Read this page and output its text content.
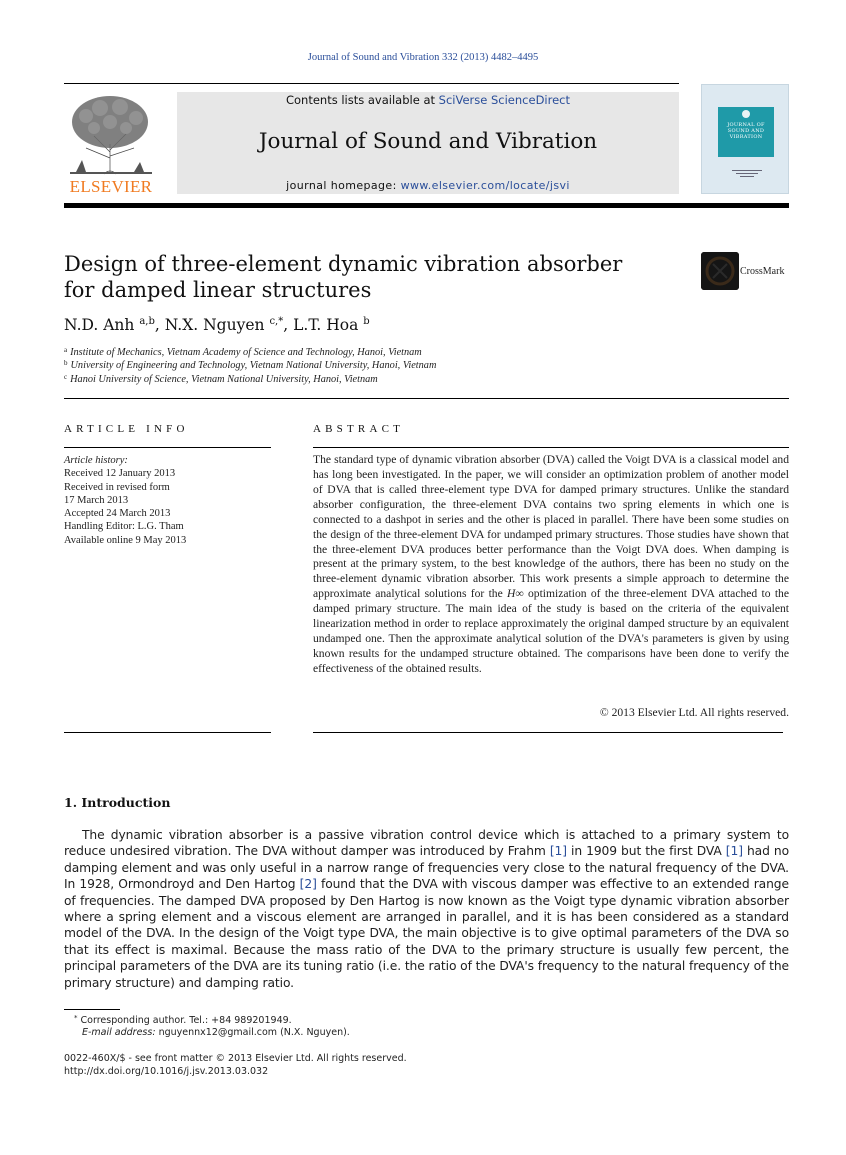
Journal of Sound and Vibration 332 (2013) 4482–4495
ELSEVIER
Contents lists available at SciVerse ScienceDirect
Journal of Sound and Vibration
journal homepage: www.elsevier.com/locate/jsvi
JOURNAL OF SOUND AND VIBRATION
Design of three-element dynamic vibration absorber
for damped linear structures
CrossMark
N.D. Anh $^{a,b}$, N.X. Nguyen $^{c,*}$, L.T. Hoa $^b$
$^a$ Institute of Mechanics, Vietnam Academy of Science and Technology, Hanoi, Vietnam
$^b$ University of Engineering and Technology, Vietnam National University, Hanoi, Vietnam
$^c$ Hanoi University of Science, Vietnam National University, Hanoi, Vietnam
ARTICLE INFO	ABSTRACT
Article history:
Received 12 January 2013
Received in revised form
17 March 2013
Accepted 24 March 2013
Handling Editor: L.G. Tham
Available online 9 May 2013
The standard type of dynamic vibration absorber (DVA) called the Voigt DVA is a classical model and has long been investigated. In the paper, we will consider an optimization problem of another model of DVA that is called three-element type DVA for damped primary structures. Unlike the standard absorber configuration, the three-element DVA contains two spring elements in which one is connected to a dashpot in series and the other is placed in parallel. There have been some studies on the design of the three-element DVA for undamped primary structures. Those studies have shown that the three-element DVA produces better performance than the Voigt DVA does. When damping is present at the primary system, to the best knowledge of the authors, there has been no study on the three-element dynamic vibration absorber. This work presents a simple approach to determine the approximate analytical solutions for the H∞ optimization of the three-element DVA attached to the damped primary structure. The main idea of the study is based on the criteria of the equivalent linearization method in order to replace approximately the original damped structure by an equivalent undamped one. Then the approximate analytical solution of the DVA's parameters is given by using known results for the undamped structure obtained. The comparisons have been done to verify the effectiveness of the obtained results.
© 2013 Elsevier Ltd. All rights reserved.
1. Introduction
The dynamic vibration absorber is a passive vibration control device which is attached to a primary system to reduce undesired vibration. The DVA without damper was introduced by Frahm [1] in 1909 but the first DVA [1] had no damping element and was only useful in a narrow range of frequencies very close to the natural frequency of the DVA. In 1928, Ormondroyd and Den Hartog [2] found that the DVA with viscous damper was effective to an extended range of frequencies. The damped DVA proposed by Den Hartog is now known as the Voigt type dynamic vibration absorber where a spring element and a viscous element are arranged in parallel, and it is has been considered as a standard model of the DVA. In the design of the Voigt type DVA, the main objective is to give optimal parameters of the DVA so that its effect is maximal. Because the mass ratio of the DVA to the primary structure is usually few percent, the principal parameters of the DVA are its tuning ratio (i.e. the ratio of the DVA's frequency to the natural frequency of the primary structure) and damping ratio.
* Corresponding author. Tel.: +84 989201949.
E-mail address: nguyennx12@gmail.com (N.X. Nguyen).
0022-460X/$ - see front matter © 2013 Elsevier Ltd. All rights reserved.
http://dx.doi.org/10.1016/j.jsv.2013.03.032
